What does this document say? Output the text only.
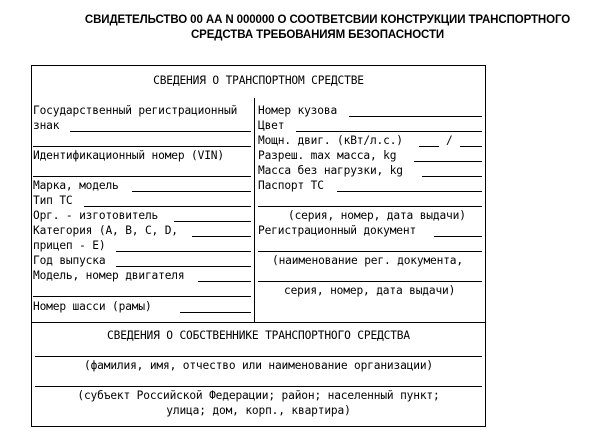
СВИДЕТЕЛЬСТВО 00 АА N 000000 О СООТВЕТСВИИ КОНСТРУКЦИИ ТРАНСПОРТНОГО
СРЕДСТВА ТРЕБОВАНИЯМ БЕЗОПАСНОСТИ
СВЕДЕНИЯ О ТРАНСПОРТНОМ СРЕДСТВЕ
Государственный регистрационный
знак
Идентификационный номер (VIN)
Марка, модель
Тип ТС
Орг. - изготовитель
Категория (А, В, С, D,
прицеп - Е)
Год выпуска
Модель, номер двигателя
Номер шасси (рамы)
Номер кузова
Цвет
Мощн. двиг. (кВт/л.с.)	/
Разреш. max масса, kg
Масса без нагрузки, kg
Паспорт ТС
(серия, номер, дата выдачи)
Регистрационный документ
(наименование рег. документа,
серия, номер, дата выдачи)
СВЕДЕНИЯ О СОБСТВЕННИКЕ ТРАНСПОРТНОГО СРЕДСТВА
(фамилия, имя, отчество или наименование организации)
(субъект Российской Федерации; район; населенный пункт;
улица; дом, корп., квартира)
